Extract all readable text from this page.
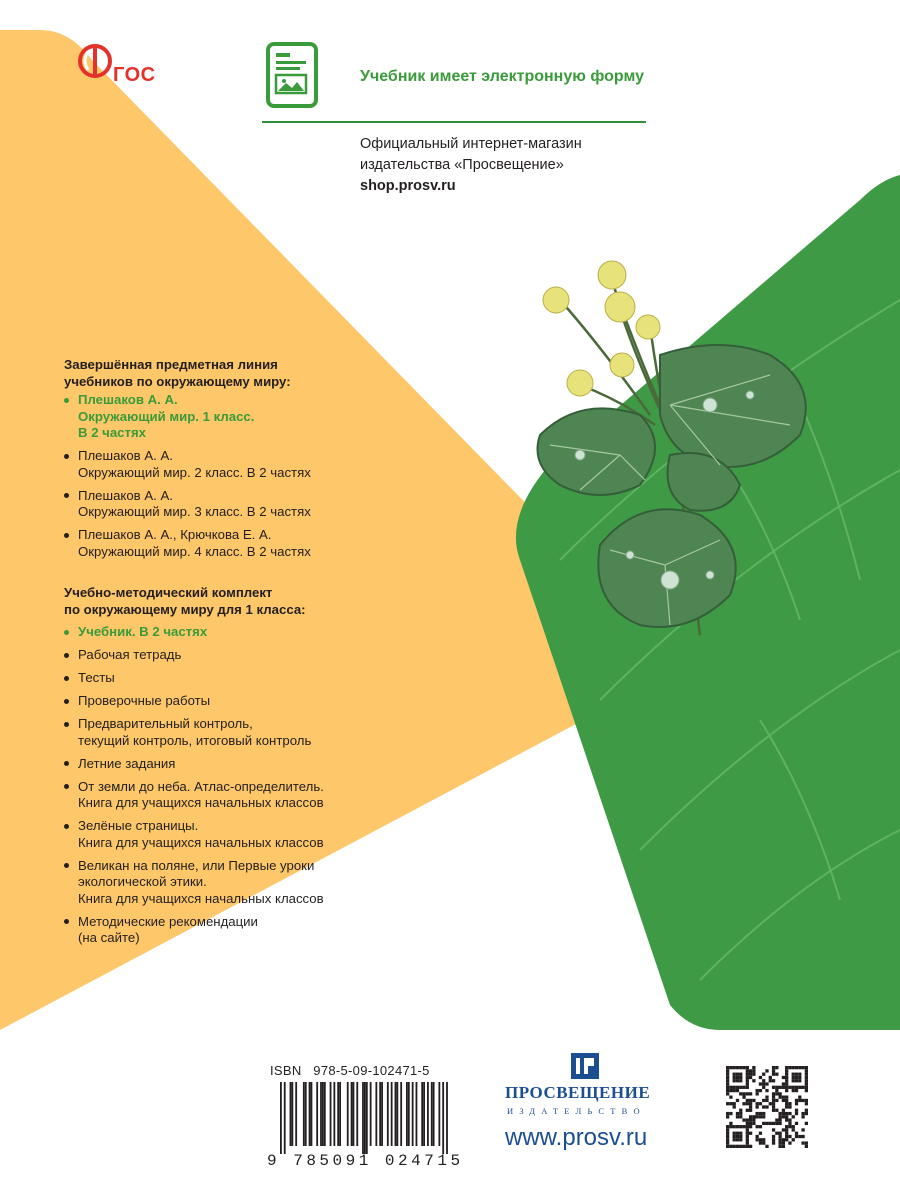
ГОС	Учебник имеет электронную форму
Официальный интернет-магазин
издательства «Просвещение»
shop.prosv.ru
Завершённая предметная линия
учебников по окружающему миру:
Плешаков А. А.
Окружающий мир. 1 класс.
В 2 частях
Плешаков А. А.
Окружающий мир. 2 класс. В 2 частях
Плешаков А. А.
Окружающий мир. 3 класс. В 2 частях
Плешаков А. А., Крючкова Е. А.
Окружающий мир. 4 класс. В 2 частях
Учебно-методический комплект
по окружающему миру для 1 класса:
Учебник. В 2 частях
Рабочая тетрадь
Тесты
Проверочные работы
Предварительный контроль,
текущий контроль, итоговый контроль
Летние задания
От земли до неба. Атлас-определитель.
Книга для учащихся начальных классов
Зелёные страницы.
Книга для учащихся начальных классов
Великан на поляне, или Первые уроки
экологической этики.
Книга для учащихся начальных классов
Методические рекомендации
(на сайте)
ISBN 978-5-09-102471-5
9 785091 024715
ПРОСВЕЩЕНИЕ
ИЗДАТЕЛЬСТВО
www.prosv.ru
